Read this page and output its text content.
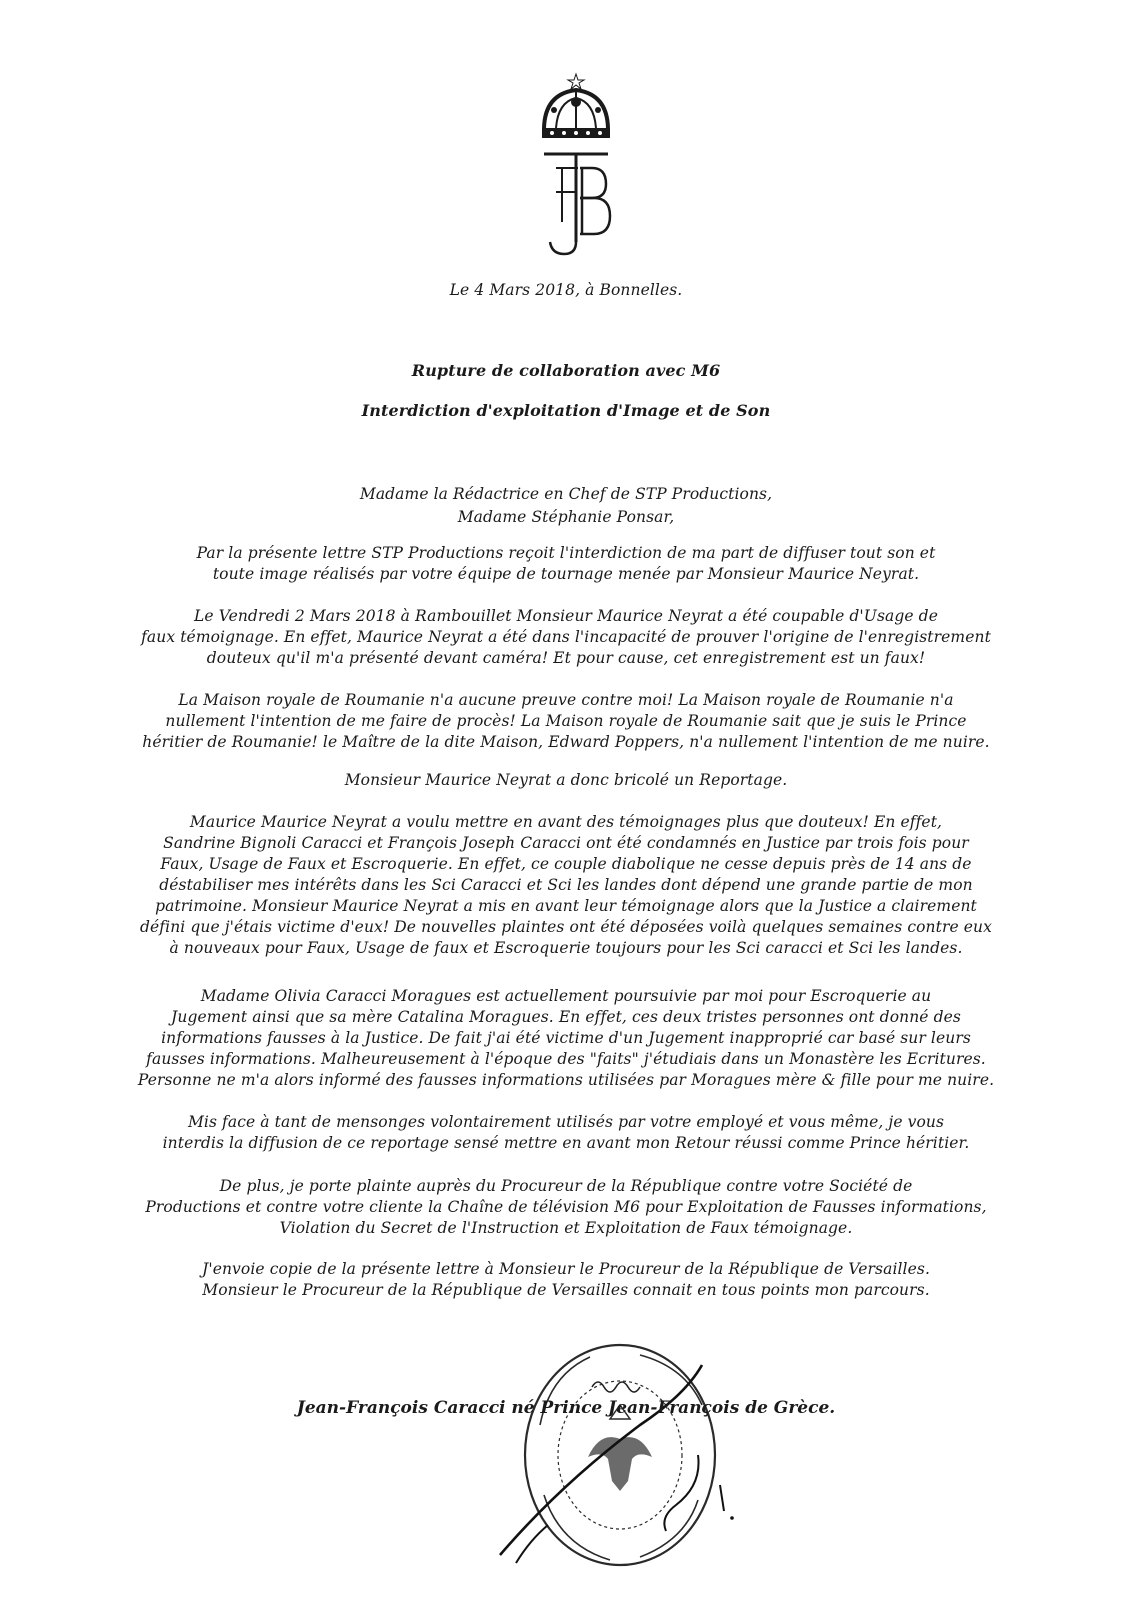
Le 4 Mars 2018, à Bonnelles.
Rupture de collaboration avec M6
Interdiction d'exploitation d'Image et de Son
Madame la Rédactrice en Chef de STP Productions,
Madame Stéphanie Ponsar,
Par la présente lettre STP Productions reçoit l'interdiction de ma part de diffuser tout son et
toute image réalisés par votre équipe de tournage menée par Monsieur Maurice Neyrat.
Le Vendredi 2 Mars 2018 à Rambouillet Monsieur Maurice Neyrat a été coupable d'Usage de
faux témoignage. En effet, Maurice Neyrat a été dans l'incapacité de prouver l'origine de l'enregistrement
douteux qu'il m'a présenté devant caméra! Et pour cause, cet enregistrement est un faux!
La Maison royale de Roumanie n'a aucune preuve contre moi! La Maison royale de Roumanie n'a
nullement l'intention de me faire de procès! La Maison royale de Roumanie sait que je suis le Prince
héritier de Roumanie! le Maître de la dite Maison, Edward Poppers, n'a nullement l'intention de me nuire.
Monsieur Maurice Neyrat a donc bricolé un Reportage.
Maurice Maurice Neyrat a voulu mettre en avant des témoignages plus que douteux! En effet,
Sandrine Bignoli Caracci et François Joseph Caracci ont été condamnés en Justice par trois fois pour
Faux, Usage de Faux et Escroquerie. En effet, ce couple diabolique ne cesse depuis près de 14 ans de
déstabiliser mes intérêts dans les Sci Caracci et Sci les landes dont dépend une grande partie de mon
patrimoine. Monsieur Maurice Neyrat a mis en avant leur témoignage alors que la Justice a clairement
défini que j'étais victime d'eux! De nouvelles plaintes ont été déposées voilà quelques semaines contre eux
à nouveaux pour Faux, Usage de faux et Escroquerie toujours pour les Sci caracci et Sci les landes.
Madame Olivia Caracci Moragues est actuellement poursuivie par moi pour Escroquerie au
Jugement ainsi que sa mère Catalina Moragues. En effet, ces deux tristes personnes ont donné des
informations fausses à la Justice. De fait j'ai été victime d'un Jugement inapproprié car basé sur leurs
fausses informations. Malheureusement à l'époque des "faits" j'étudiais dans un Monastère les Ecritures.
Personne ne m'a alors informé des fausses informations utilisées par Moragues mère & fille pour me nuire.
Mis face à tant de mensonges volontairement utilisés par votre employé et vous même, je vous
interdis la diffusion de ce reportage sensé mettre en avant mon Retour réussi comme Prince héritier.
De plus, je porte plainte auprès du Procureur de la République contre votre Société de
Productions et contre votre cliente la Chaîne de télévision M6 pour Exploitation de Fausses informations,
Violation du Secret de l'Instruction et Exploitation de Faux témoignage.
J'envoie copie de la présente lettre à Monsieur le Procureur de la République de Versailles.
Monsieur le Procureur de la République de Versailles connait en tous points mon parcours.
Jean-François Caracci né Prince Jean-François de Grèce.
